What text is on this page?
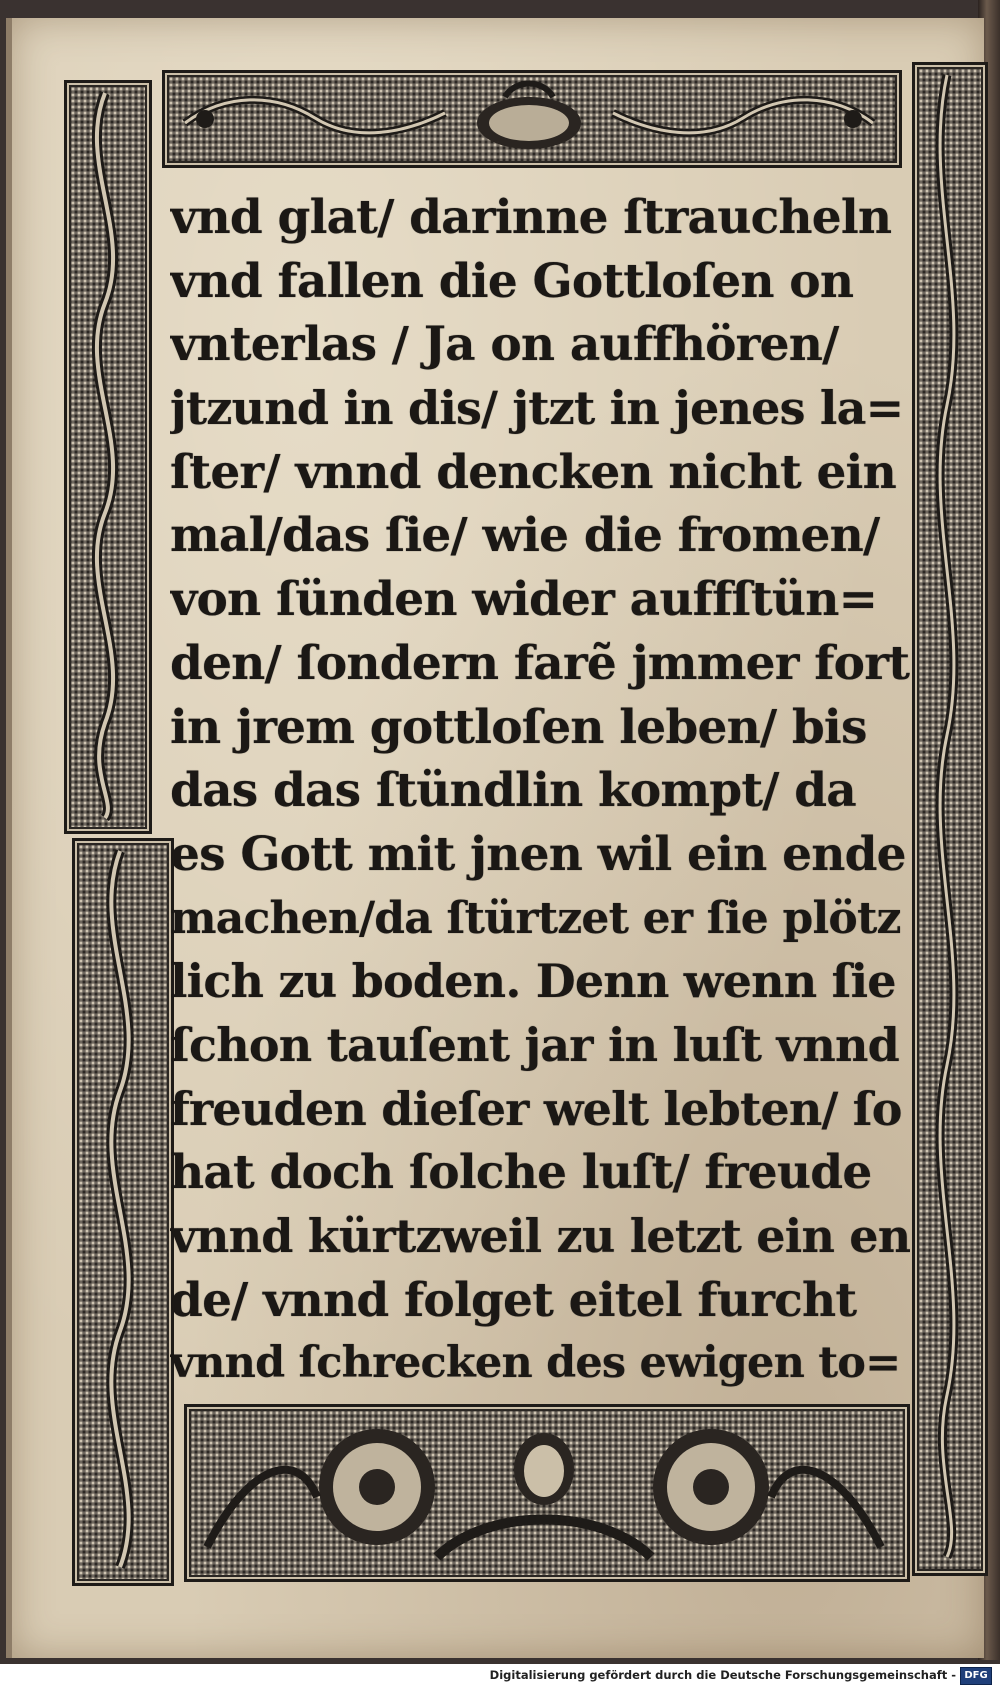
vnd glat/ darinne ſtraucheln
vnd fallen die Gottloſen on
vnterlas / Ja on auffhören/
jtzund in dis/ jtzt in jenes la=
ſter/ vnnd dencken nicht ein
mal/das ſie/ wie die fromen/
von ſünden wider auffſtün=
den/ ſondern farẽ jmmer fort
in jrem gottloſen leben/ bis
das das ſtündlin kompt/ da
es Gott mit jnen wil ein ende
machen/da ſtürtzet er ſie plötz
lich zu boden. Denn wenn ſie
ſchon tauſent jar in luſt vnnd
freuden dieſer welt lebten/ ſo
hat doch ſolche luſt/ freude
vnnd kürtzweil zu letzt ein en
de/ vnnd folget eitel furcht
vnnd ſchrecken des ewigen to=
Digitalisierung gefördert durch die Deutsche Forschungsgemeinschaft - DFG
